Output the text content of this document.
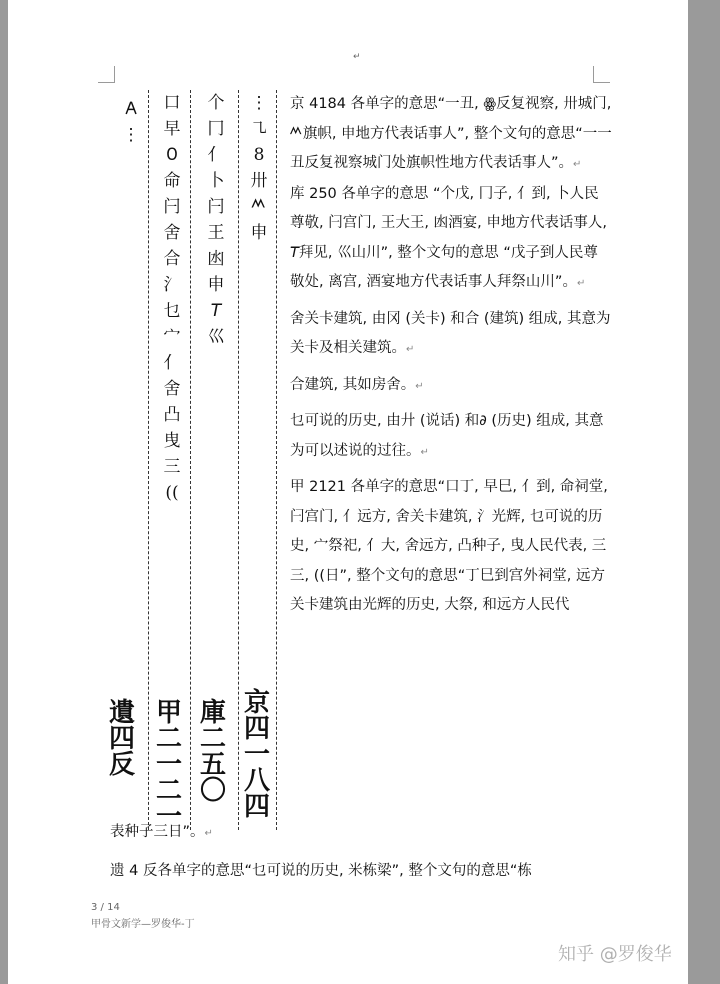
↵
𐌀
⋮
遺
四
反
口
早
𐐄
命
闩
舍
合
氵
乜
宀
亻
舍
凸
曳
三
((
甲
二
一
二
一
个
冂
亻
卜
闩
王
凼
申
𝘛
巛
庫
二
五
〇
⋮
㇈
8
卅
𐊎
申
京
四
一
八
四

京 4184 各单字的意思“一丑, ꙮ反复视察, 卅城门, 𐊎旗帜, 申地方代表话事人”, 整个文句的意思“一一丑反复视察城门处旗帜性地方代表话事人”。↵

库 250 各单字的意思 “个戊, 冂子, 亻到, 卜人民尊敬, 闩宫门, 王大王, 凼酒宴, 申地方代表话事人, 𝘛拜见, 巛山川”, 整个文句的意思 “戊子到人民尊敬处, 离宫, 酒宴地方代表话事人拜祭山川”。↵

舍关卡建筑, 由冈 (关卡) 和合 (建筑) 组成, 其意为关卡及相关建筑。↵

合建筑, 其如房舍。↵

乜可说的历史, 由廾 (说话) 和∂ (历史) 组成, 其意为可以述说的过往。↵

甲 2121 各单字的意思“口丁, 早巳, 亻到, 命祠堂, 闩宫门, 亻远方, 舍关卡建筑, 氵光辉, 乜可说的历史, 宀祭祀, 亻大, 舍远方, 凸种子, 曳人民代表, 三三, ((日”, 整个文句的意思“丁巳到宫外祠堂, 远方关卡建筑由光辉的历史, 大祭, 和远方人民代

表种子三日”。↵

遗 4 反各单字的意思“乜可说的历史, 米栋梁”, 整个文句的意思“栋

3 / 14
甲骨文新学—罗俊华-丁
知乎 @罗俊华
